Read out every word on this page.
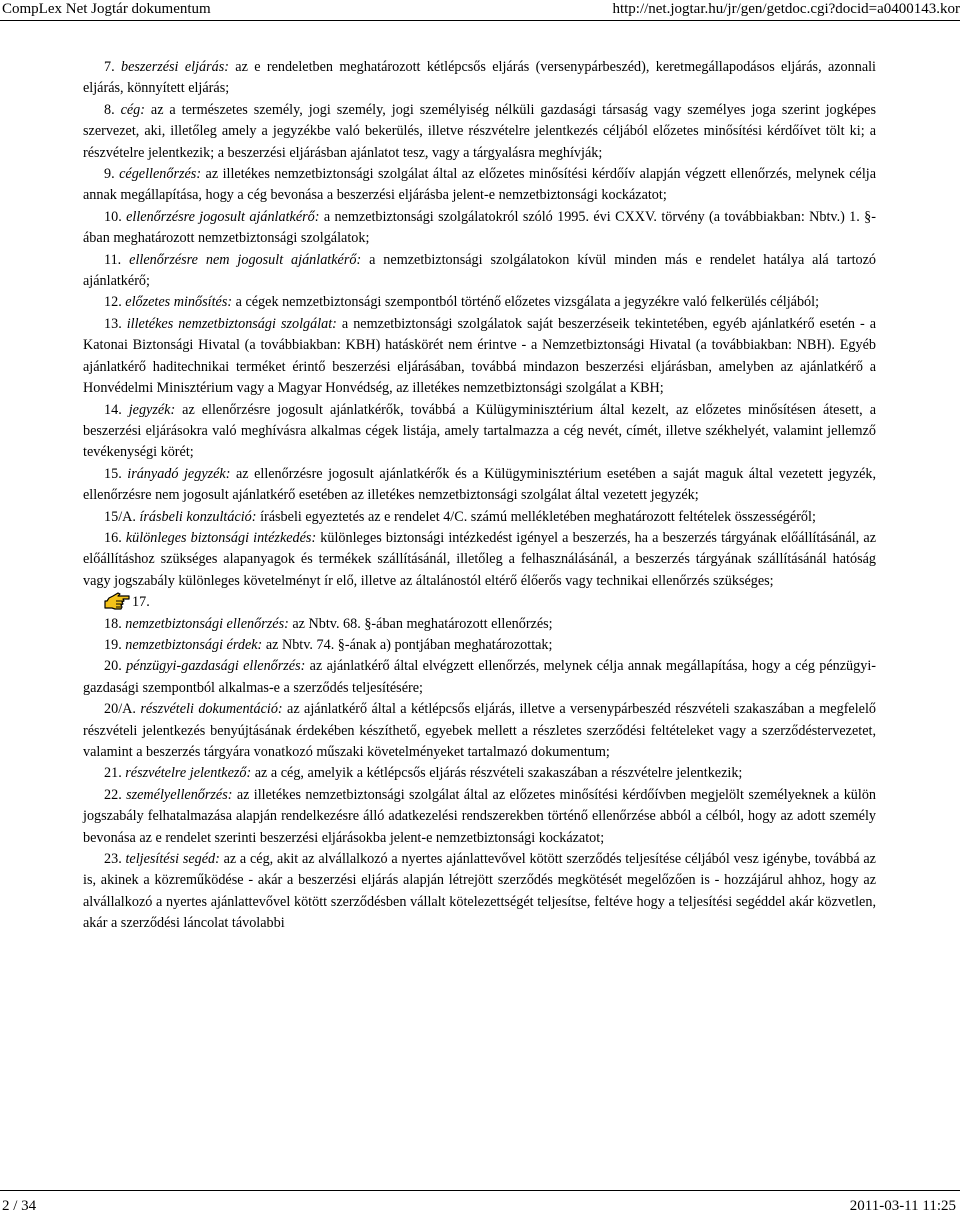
CompLex Net Jogtár dokumentum	http://net.jogtar.hu/jr/gen/getdoc.cgi?docid=a0400143.kor

7. beszerzési eljárás: az e rendeletben meghatározott kétlépcsős eljárás (versenypárbeszéd), keretmegállapodásos eljárás, azonnali eljárás, könnyített eljárás;

8. cég: az a természetes személy, jogi személy, jogi személyiség nélküli gazdasági társaság vagy személyes joga szerint jogképes szervezet, aki, illetőleg amely a jegyzékbe való bekerülés, illetve részvételre jelentkezés céljából előzetes minősítési kérdőívet tölt ki; a részvételre jelentkezik; a beszerzési eljárásban ajánlatot tesz, vagy a tárgyalásra meghívják;

9. cégellenőrzés: az illetékes nemzetbiztonsági szolgálat által az előzetes minősítési kérdőív alapján végzett ellenőrzés, melynek célja annak megállapítása, hogy a cég bevonása a beszerzési eljárásba jelent-e nemzetbiztonsági kockázatot;

10. ellenőrzésre jogosult ajánlatkérő: a nemzetbiztonsági szolgálatokról szóló 1995. évi CXXV. törvény (a továbbiakban: Nbtv.) 1. §-ában meghatározott nemzetbiztonsági szolgálatok;

11. ellenőrzésre nem jogosult ajánlatkérő: a nemzetbiztonsági szolgálatokon kívül minden más e rendelet hatálya alá tartozó ajánlatkérő;

12. előzetes minősítés: a cégek nemzetbiztonsági szempontból történő előzetes vizsgálata a jegyzékre való felkerülés céljából;

13. illetékes nemzetbiztonsági szolgálat: a nemzetbiztonsági szolgálatok saját beszerzéseik tekintetében, egyéb ajánlatkérő esetén - a Katonai Biztonsági Hivatal (a továbbiakban: KBH) hatáskörét nem érintve - a Nemzetbiztonsági Hivatal (a továbbiakban: NBH). Egyéb ajánlatkérő haditechnikai terméket érintő beszerzési eljárásában, továbbá mindazon beszerzési eljárásban, amelyben az ajánlatkérő a Honvédelmi Minisztérium vagy a Magyar Honvédség, az illetékes nemzetbiztonsági szolgálat a KBH;

14. jegyzék: az ellenőrzésre jogosult ajánlatkérők, továbbá a Külügyminisztérium által kezelt, az előzetes minősítésen átesett, a beszerzési eljárásokra való meghívásra alkalmas cégek listája, amely tartalmazza a cég nevét, címét, illetve székhelyét, valamint jellemző tevékenységi körét;

15. irányadó jegyzék: az ellenőrzésre jogosult ajánlatkérők és a Külügyminisztérium esetében a saját maguk által vezetett jegyzék, ellenőrzésre nem jogosult ajánlatkérő esetében az illetékes nemzetbiztonsági szolgálat által vezetett jegyzék;

15/A. írásbeli konzultáció: írásbeli egyeztetés az e rendelet 4/C. számú mellékletében meghatározott feltételek összességéről;

16. különleges biztonsági intézkedés: különleges biztonsági intézkedést igényel a beszerzés, ha a beszerzés tárgyának előállításánál, az előállításhoz szükséges alapanyagok és termékek szállításánál, illetőleg a felhasználásánál, a beszerzés tárgyának szállításánál hatóság vagy jogszabály különleges követelményt ír elő, illetve az általánostól eltérő élőerős vagy technikai ellenőrzés szükséges;

17.

18. nemzetbiztonsági ellenőrzés: az Nbtv. 68. §-ában meghatározott ellenőrzés;

19. nemzetbiztonsági érdek: az Nbtv. 74. §-ának a) pontjában meghatározottak;

20. pénzügyi-gazdasági ellenőrzés: az ajánlatkérő által elvégzett ellenőrzés, melynek célja annak megállapítása, hogy a cég pénzügyi-gazdasági szempontból alkalmas-e a szerződés teljesítésére;

20/A. részvételi dokumentáció: az ajánlatkérő által a kétlépcsős eljárás, illetve a versenypárbeszéd részvételi szakaszában a megfelelő részvételi jelentkezés benyújtásának érdekében készíthető, egyebek mellett a részletes szerződési feltételeket vagy a szerződéstervezetet, valamint a beszerzés tárgyára vonatkozó műszaki követelményeket tartalmazó dokumentum;

21. részvételre jelentkező: az a cég, amelyik a kétlépcsős eljárás részvételi szakaszában a részvételre jelentkezik;

22. személyellenőrzés: az illetékes nemzetbiztonsági szolgálat által az előzetes minősítési kérdőívben megjelölt személyeknek a külön jogszabály felhatalmazása alapján rendelkezésre álló adatkezelési rendszerekben történő ellenőrzése abból a célból, hogy az adott személy bevonása az e rendelet szerinti beszerzési eljárásokba jelent-e nemzetbiztonsági kockázatot;

23. teljesítési segéd: az a cég, akit az alvállalkozó a nyertes ajánlattevővel kötött szerződés teljesítése céljából vesz igénybe, továbbá az is, akinek a közreműködése - akár a beszerzési eljárás alapján létrejött szerződés megkötését megelőzően is - hozzájárul ahhoz, hogy az alvállalkozó a nyertes ajánlattevővel kötött szerződésben vállalt kötelezettségét teljesítse, feltéve hogy a teljesítési segéddel akár közvetlen, akár a szerződési láncolat távolabbi

2 / 34	2011-03-11 11:25
